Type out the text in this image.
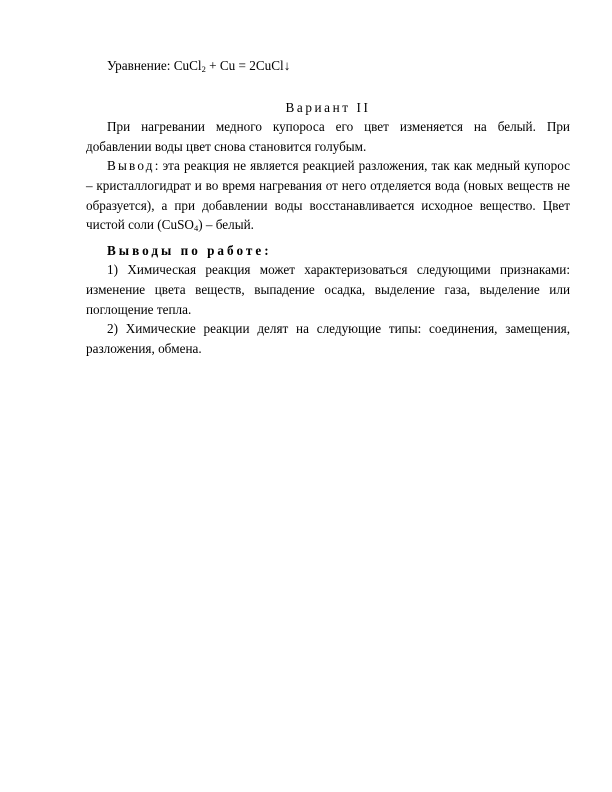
Уравнение: CuCl$_2$ + Cu = 2CuCl↓

Вариант II

При нагревании медного купороса его цвет изменяется на белый. При добавлении воды цвет снова становится голубым.

Вывод: эта реакция не является реакцией разложения, так как медный купорос – кристаллогидрат и во время нагревания от него отделяется вода (новых веществ не образуется), а при добавлении воды восстанавливается исходное вещество. Цвет чистой соли (CuSO$_4$) – белый.

Выводы по работе:

1) Химическая реакция может характеризоваться следующими признаками: изменение цвета веществ, выпадение осадка, выделение газа, выделение или поглощение тепла.

2) Химические реакции делят на следующие типы: соединения, замещения, разложения, обмена.
